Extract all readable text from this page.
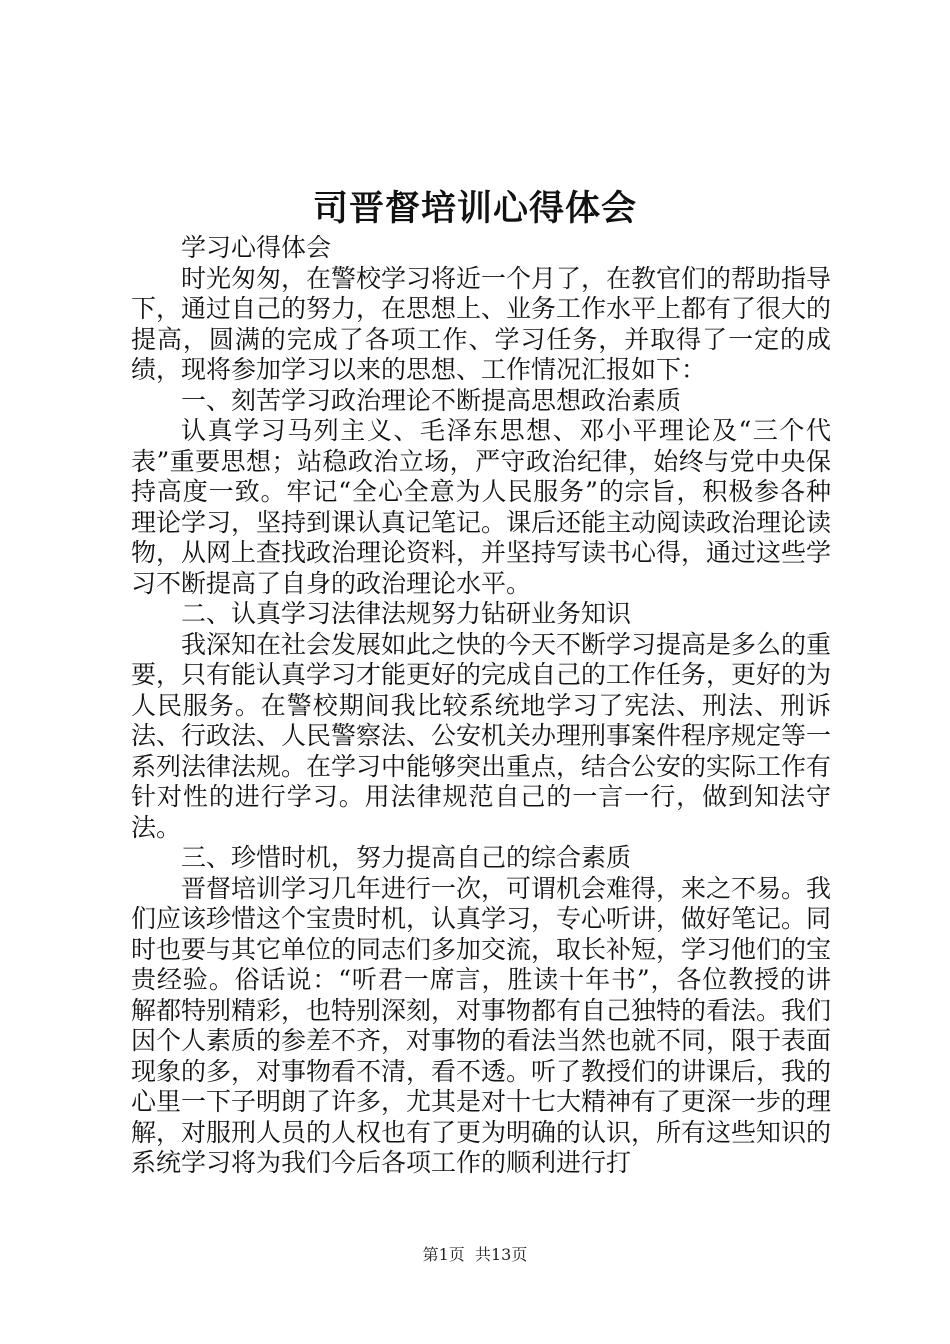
司晋督培训心得体会

学习心得体会

时光匆匆，在警校学习将近一个月了，在教官们的帮助指导下，通过自己的努力，在思想上、业务工作水平上都有了很大的提高，圆满的完成了各项工作、学习任务，并取得了一定的成绩，现将参加学习以来的思想、工作情况汇报如下：

一、刻苦学习政治理论不断提高思想政治素质

认真学习马列主义、毛泽东思想、邓小平理论及“三个代表”重要思想；站稳政治立场，严守政治纪律，始终与党中央保持高度一致。牢记“全心全意为人民服务”的宗旨，积极参各种理论学习，坚持到课认真记笔记。课后还能主动阅读政治理论读物，从网上查找政治理论资料，并坚持写读书心得，通过这些学习不断提高了自身的政治理论水平。

二、认真学习法律法规努力钻研业务知识

我深知在社会发展如此之快的今天不断学习提高是多么的重要，只有能认真学习才能更好的完成自己的工作任务，更好的为人民服务。在警校期间我比较系统地学习了宪法、刑法、刑诉法、行政法、人民警察法、公安机关办理刑事案件程序规定等一系列法律法规。在学习中能够突出重点，结合公安的实际工作有针对性的进行学习。用法律规范自己的一言一行，做到知法守法。

三、珍惜时机，努力提高自己的综合素质

晋督培训学习几年进行一次，可谓机会难得，来之不易。我们应该珍惜这个宝贵时机，认真学习，专心听讲，做好笔记。同时也要与其它单位的同志们多加交流，取长补短，学习他们的宝贵经验。俗话说：“听君一席言，胜读十年书”，各位教授的讲解都特别精彩，也特别深刻，对事物都有自己独特的看法。我们因个人素质的参差不齐，对事物的看法当然也就不同，限于表面现象的多，对事物看不清，看不透。听了教授们的讲课后，我的心里一下子明朗了许多，尤其是对十七大精神有了更深一步的理解，对服刑人员的人权也有了更为明确的认识，所有这些知识的系统学习将为我们今后各项工作的顺利进行打

第1页 共13页
